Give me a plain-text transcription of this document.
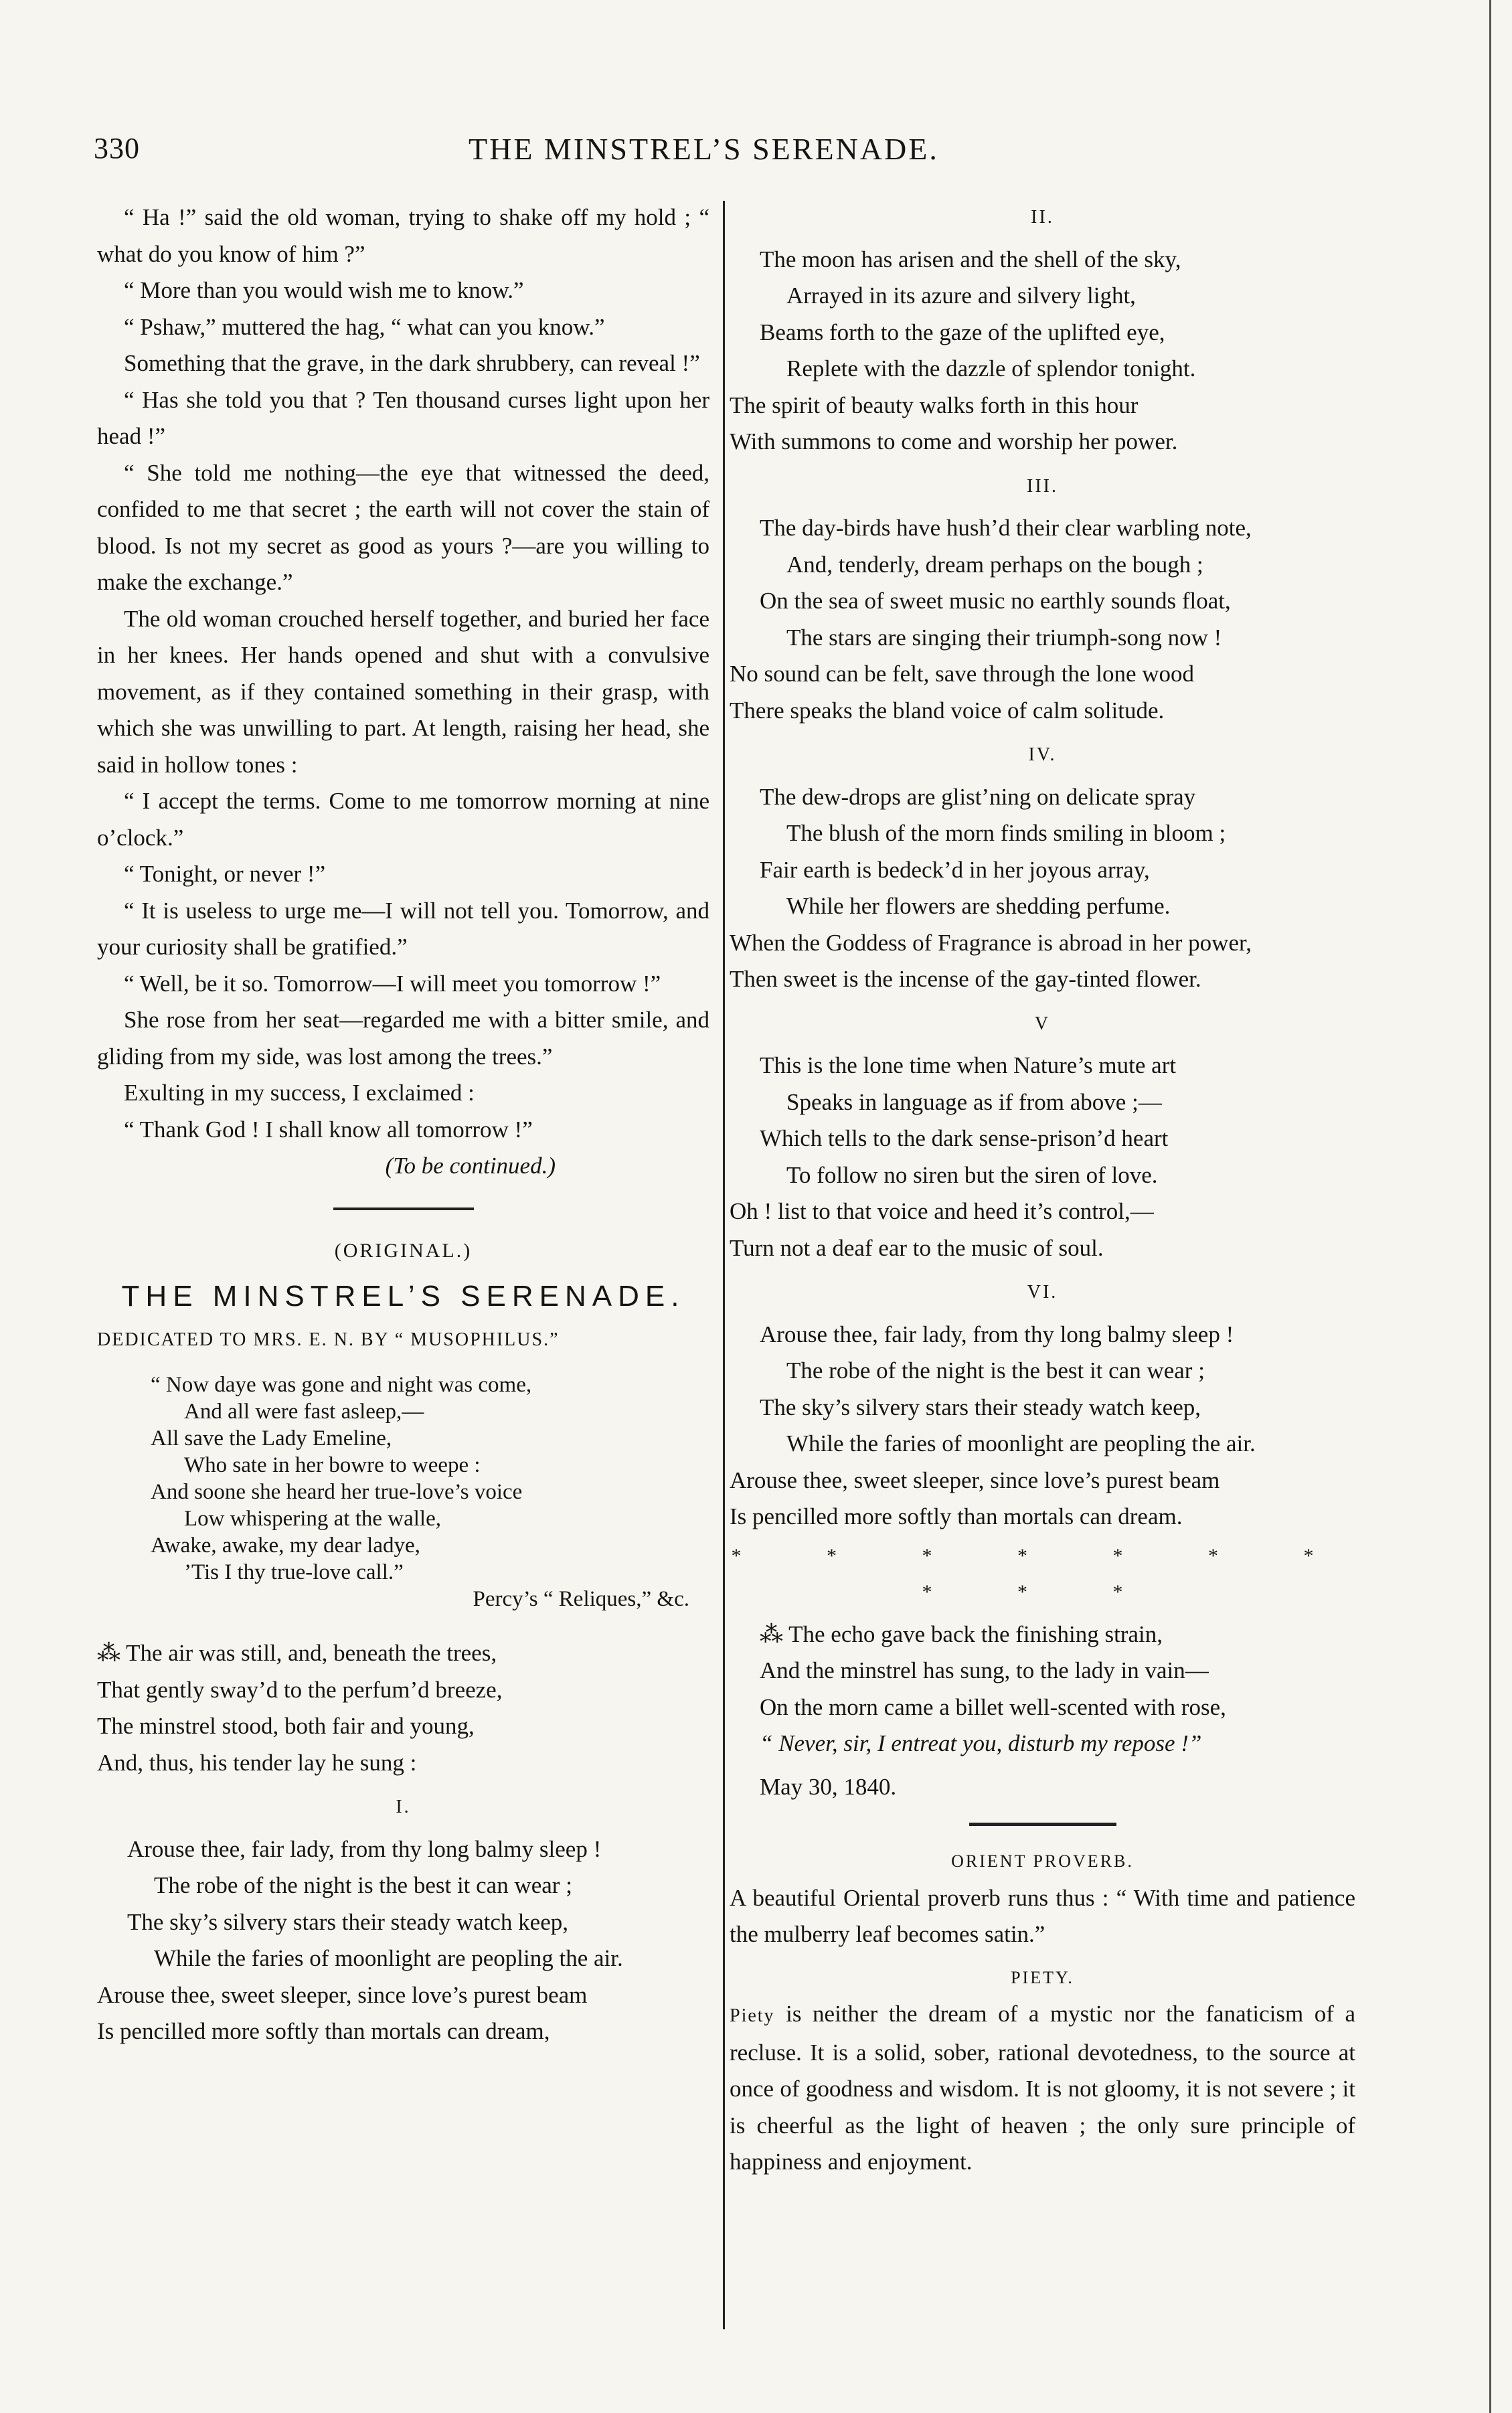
330	THE MINSTREL’S SERENADE.

“ Ha !” said the old woman, trying to shake off my hold ; “ what do you know of him ?”

“ More than you would wish me to know.”

“ Pshaw,” muttered the hag, “ what can you know.”

Something that the grave, in the dark shrubbery, can reveal !”

“ Has she told you that ? Ten thousand curses light upon her head !”

“ She told me nothing—the eye that witnessed the deed, confided to me that secret ; the earth will not cover the stain of blood. Is not my secret as good as yours ?—are you willing to make the exchange.”

The old woman crouched herself together, and buried her face in her knees. Her hands opened and shut with a convulsive movement, as if they contained something in their grasp, with which she was unwilling to part. At length, raising her head, she said in hollow tones :

“ I accept the terms. Come to me tomorrow morning at nine o’clock.”

“ Tonight, or never !”

“ It is useless to urge me—I will not tell you. Tomorrow, and your curiosity shall be gratified.”

“ Well, be it so. Tomorrow—I will meet you tomorrow !”

She rose from her seat—regarded me with a bitter smile, and gliding from my side, was lost among the trees.”

Exulting in my success, I exclaimed :

“ Thank God ! I shall know all tomorrow !”

(To be continued.)

(ORIGINAL.)
THE MINSTREL’S SERENADE.
DEDICATED TO MRS. E. N. BY “ MUSOPHILUS.”
“ Now daye was gone and night was come,
And all were fast asleep,—
All save the Lady Emeline,
Who sate in her bowre to weepe :
And soone she heard her true-love’s voice
Low whispering at the walle,
Awake, awake, my dear ladye,
’Tis I thy true-love call.”
Percy’s “ Reliques,” &c.
⁂ The air was still, and, beneath the trees,
That gently sway’d to the perfum’d breeze,
The minstrel stood, both fair and young,
And, thus, his tender lay he sung :
I.
Arouse thee, fair lady, from thy long balmy sleep !
The robe of the night is the best it can wear ;
The sky’s silvery stars their steady watch keep,
While the faries of moonlight are peopling the air.
Arouse thee, sweet sleeper, since love’s purest beam
Is pencilled more softly than mortals can dream,
II.
The moon has arisen and the shell of the sky,
Arrayed in its azure and silvery light,
Beams forth to the gaze of the uplifted eye,
Replete with the dazzle of splendor tonight.
The spirit of beauty walks forth in this hour
With summons to come and worship her power.
III.
The day-birds have hush’d their clear warbling note,
And, tenderly, dream perhaps on the bough ;
On the sea of sweet music no earthly sounds float,
The stars are singing their triumph-song now !
No sound can be felt, save through the lone wood
There speaks the bland voice of calm solitude.
IV.
The dew-drops are glist’ning on delicate spray
The blush of the morn finds smiling in bloom ;
Fair earth is bedeck’d in her joyous array,
While her flowers are shedding perfume.
When the Goddess of Fragrance is abroad in her power,
Then sweet is the incense of the gay-tinted flower.
V
This is the lone time when Nature’s mute art
Speaks in language as if from above ;—
Which tells to the dark sense-prison’d heart
To follow no siren but the siren of love.
Oh ! list to that voice and heed it’s control,—
Turn not a deaf ear to the music of soul.
VI.
Arouse thee, fair lady, from thy long balmy sleep !
The robe of the night is the best it can wear ;
The sky’s silvery stars their steady watch keep,
While the faries of moonlight are peopling the air.
Arouse thee, sweet sleeper, since love’s purest beam
Is pencilled more softly than mortals can dream.
* * * * * * * * * *
⁂ The echo gave back the finishing strain,
And the minstrel has sung, to the lady in vain—
On the morn came a billet well-scented with rose,
“ Never, sir, I entreat you, disturb my repose !”
May 30, 1840.
ORIENT PROVERB.

A beautiful Oriental proverb runs thus : “ With time and patience the mulberry leaf becomes satin.”

PIETY.

Piety is neither the dream of a mystic nor the fanaticism of a recluse. It is a solid, sober, rational devotedness, to the source at once of goodness and wisdom. It is not gloomy, it is not severe ; it is cheerful as the light of heaven ; the only sure principle of happiness and enjoyment.
